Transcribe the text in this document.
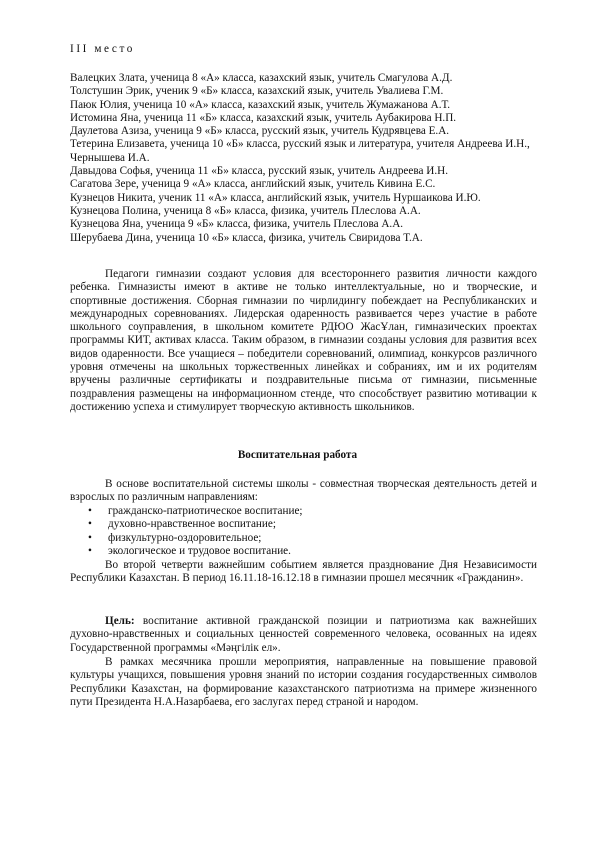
III место
Валецких Злата, ученица 8 «А» класса, казахский язык, учитель Смагулова А.Д.
Толстушин Эрик, ученик 9 «Б» класса, казахский язык, учитель Увалиева Г.М.
Паюк Юлия, ученица 10 «А» класса, казахский язык, учитель Жумажанова А.Т.
Истомина Яна, ученица 11 «Б» класса, казахский язык, учитель Аубакирова Н.П.
Даулетова Азиза, ученица 9 «Б» класса, русский язык, учитель Кудрявцева Е.А.
Тетерина Елизавета, ученица 10 «Б» класса, русский язык и литература, учителя Андреева И.Н., Чернышева И.А.
Давыдова Софья, ученица 11 «Б» класса, русский язык, учитель Андреева И.Н.
Сагатова Зере, ученица 9 «А» класса, английский язык, учитель Кивина Е.С.
Кузнецов Никита, ученик 11 «А» класса, английский язык, учитель Нуршаикова И.Ю.
Кузнецова Полина, ученица 8 «Б» класса, физика, учитель Плеслова А.А.
Кузнецова Яна, ученица 9 «Б» класса, физика, учитель Плеслова А.А.
Шерубаева Дина, ученица 10 «Б» класса, физика, учитель Свиридова Т.А.

Педагоги гимназии создают условия для всестороннего развития личности каждого ребенка. Гимназисты имеют в активе не только интеллектуальные, но и творческие, и спортивные достижения. Сборная гимназии по чирлидингу побеждает на Республиканских и международных соревнованиях. Лидерская одаренность развивается через участие в работе школьного соуправления, в школьном комитете РДЮО ЖасҰлан, гимназических проектах программы КИТ, активах класса. Таким образом, в гимназии созданы условия для развития всех видов одаренности. Все учащиеся – победители соревнований, олимпиад, конкурсов различного уровня отмечены на школьных торжественных линейках и собраниях, им и их родителям вручены различные сертификаты и поздравительные письма от гимназии, письменные поздравления размещены на информационном стенде, что способствует развитию мотивации к достижению успеха и стимулирует творческую активность школьников.

Воспитательная работа

В основе воспитательной системы школы - совместная творческая деятельность детей и взрослых по различным направлениям:

• гражданско-патриотическое воспитание;
• духовно-нравственное воспитание;
• физкультурно-оздоровительное;
• экологическое и трудовое воспитание.

Во второй четверти важнейшим событием является празднование Дня Независимости Республики Казахстан. В период 16.11.18-16.12.18 в гимназии прошел месячник «Гражданин».

Цель: воспитание активной гражданской позиции и патриотизма как важнейших духовно-нравственных и социальных ценностей современного человека, осованных на идеях Государственной программы «Мәңгілік ел».

В рамках месячника прошли мероприятия, направленные на повышение правовой культуры учащихся, повышения уровня знаний по истории создания государственных символов Республики Казахстан, на формирование казахстанского патриотизма на примере жизненного пути Президента Н.А.Назарбаева, его заслугах перед страной и народом.
